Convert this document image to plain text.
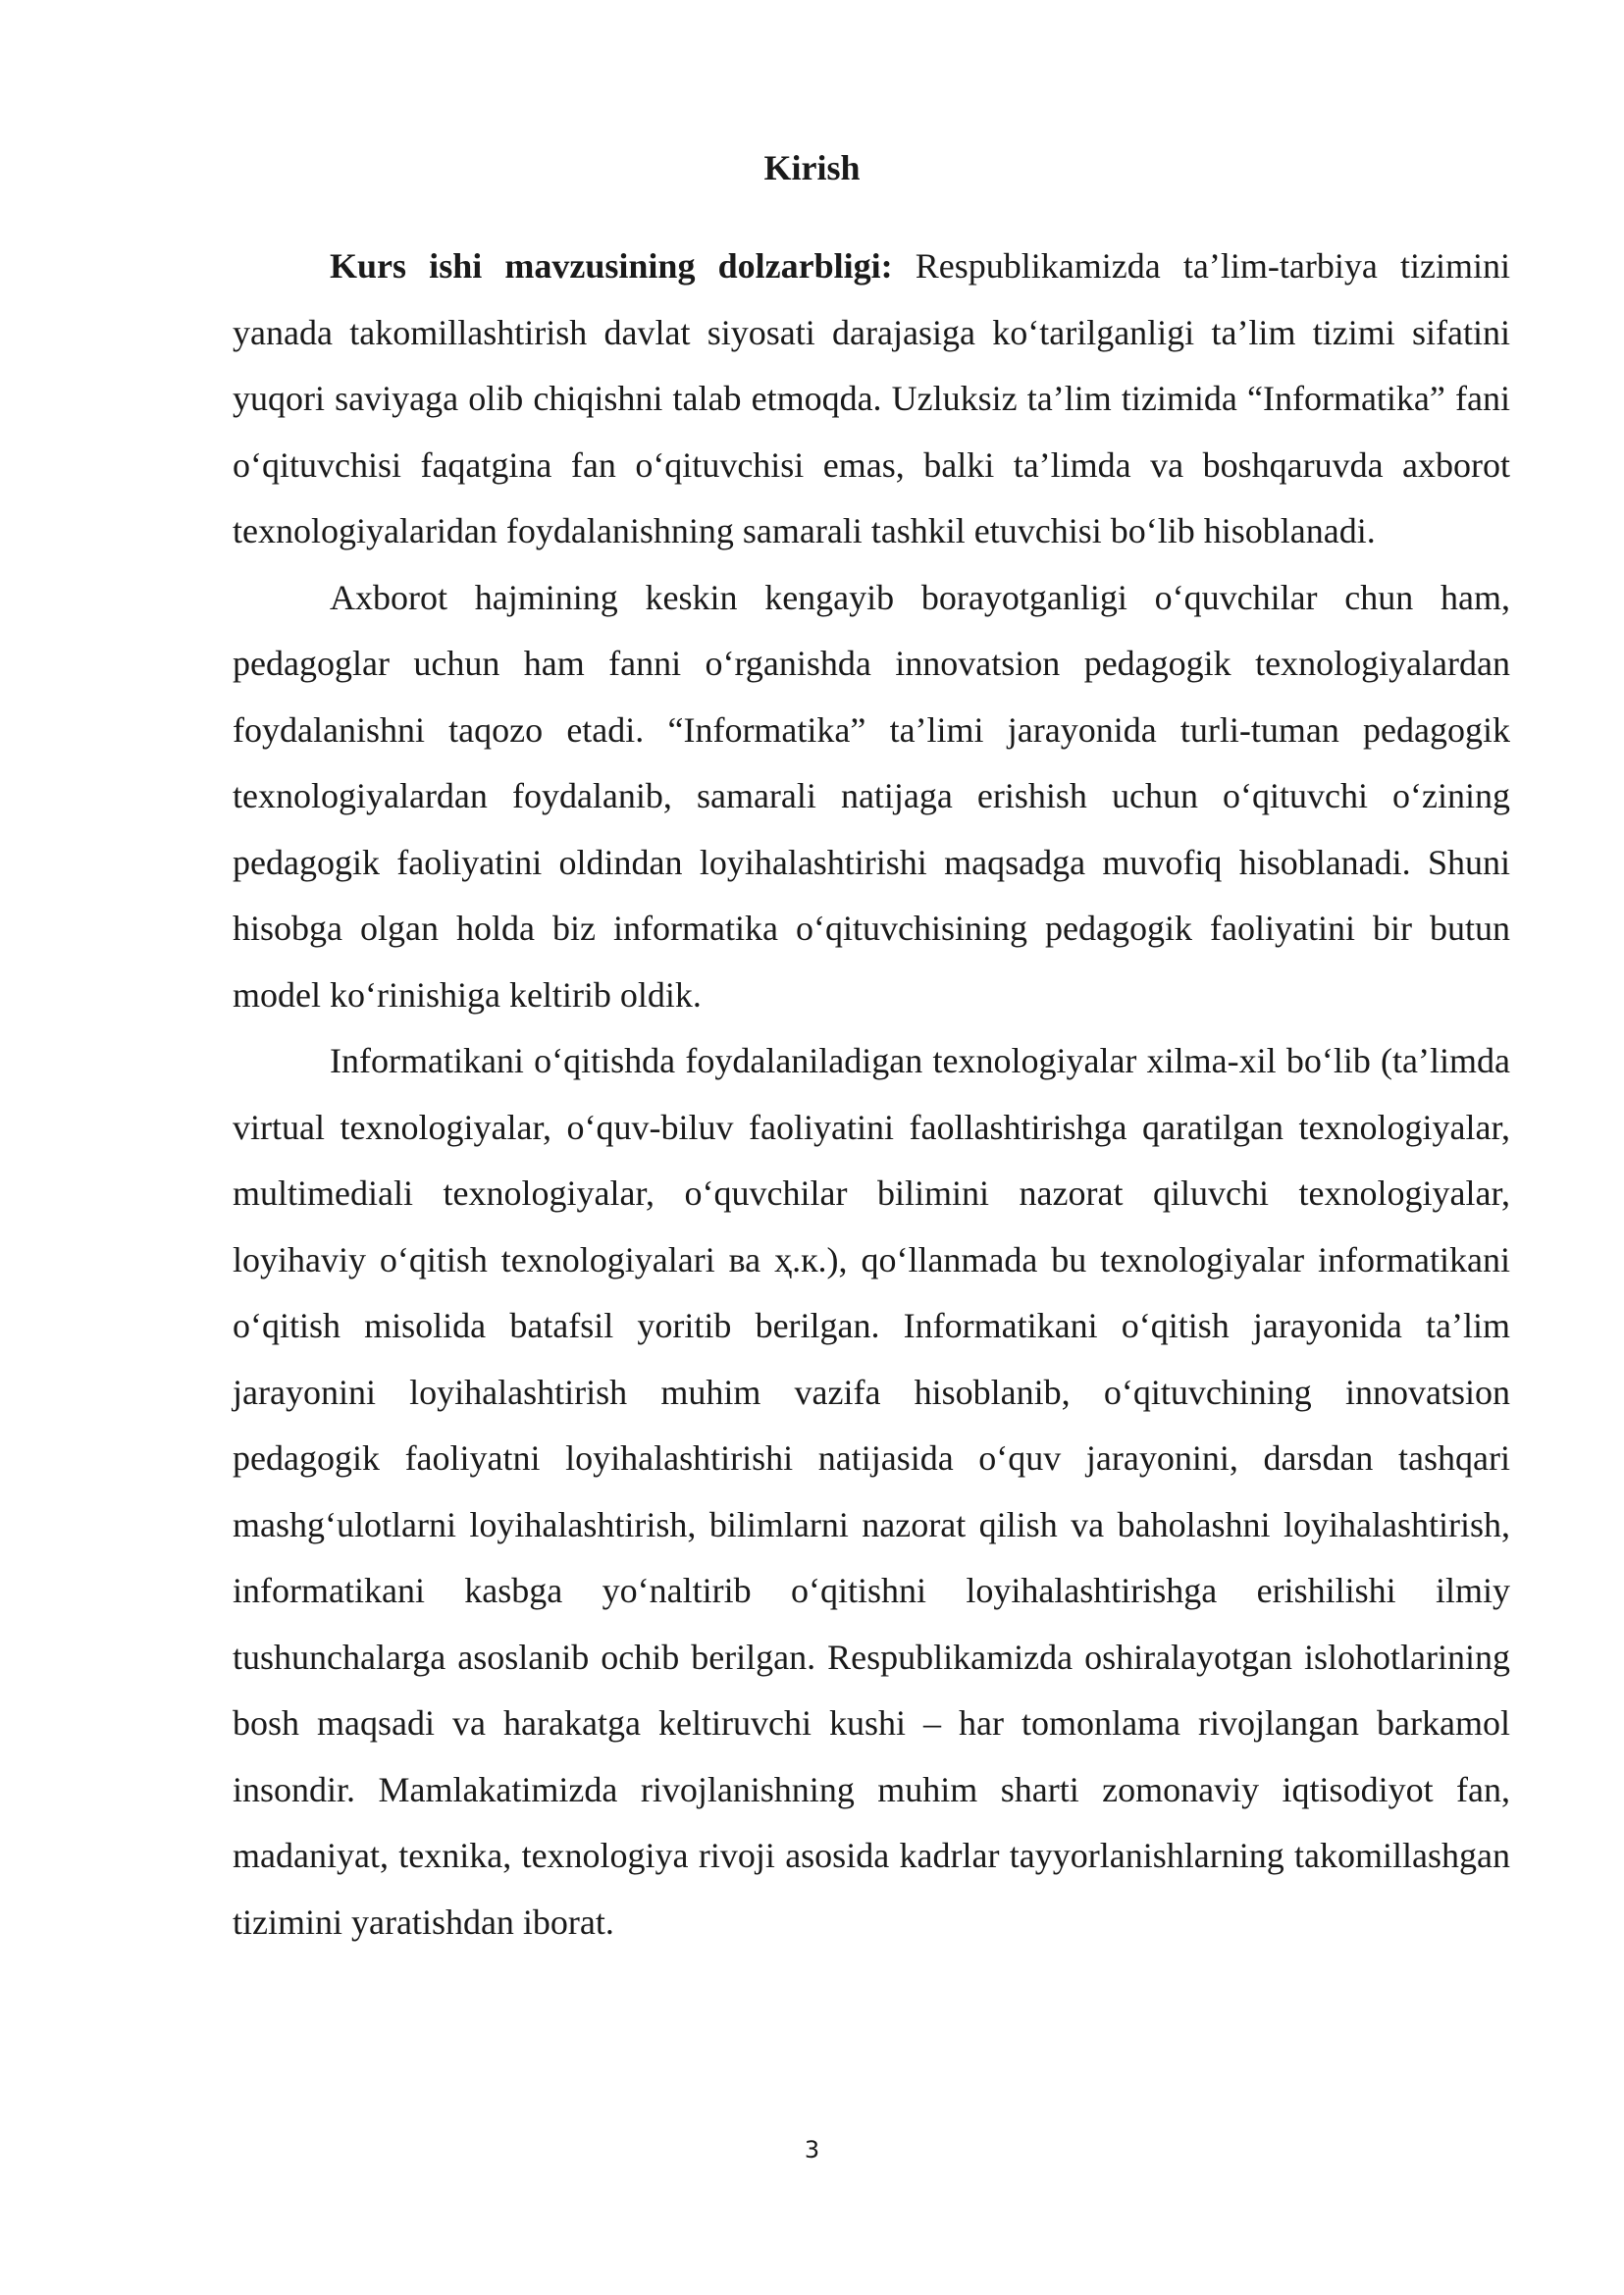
Kirish

Kurs ishi mavzusining dolzarbligi: Respublikamizda ta’lim-tarbiya tizimini yanada takomillashtirish davlat siyosati darajasiga ko‘tarilganligi ta’lim tizimi sifatini yuqori saviyaga olib chiqishni talab etmoqda. Uzluksiz ta’lim tizimida “Informatika” fani o‘qituvchisi faqatgina fan o‘qituvchisi emas, balki ta’limda va boshqaruvda axborot texnologiyalaridan foydalanishning samarali tashkil etuvchisi bo‘lib hisoblanadi.

Axborot hajmining keskin kengayib borayotganligi o‘quvchilar chun ham, pedagoglar uchun ham fanni o‘rganishda innovatsion pedagogik texnologiyalardan foydalanishni taqozo etadi. “Informatika” ta’limi jarayonida turli-tuman pedagogik texnologiyalardan foydalanib, samarali natijaga erishish uchun o‘qituvchi o‘zining pedagogik faoliyatini oldindan loyihalashtirishi maqsadga muvofiq hisoblanadi. Shuni hisobga olgan holda biz informatika o‘qituvchisining pedagogik faoliyatini bir butun model ko‘rinishiga keltirib oldik.

Informatikani o‘qitishda foydalaniladigan texnologiyalar xilma-xil bo‘lib (ta’limda virtual texnologiyalar, o‘quv-biluv faoliyatini faollashtirishga qaratilgan texnologiyalar, multimediali texnologiyalar, o‘quvchilar bilimini nazorat qiluvchi texnologiyalar, loyihaviy o‘qitish texnologiyalari ва ҳ.к.), qo‘llanmada bu texnologiyalar informatikani o‘qitish misolida batafsil yoritib berilgan. Informatikani o‘qitish jarayonida ta’lim jarayonini loyihalashtirish muhim vazifa hisoblanib, o‘qituvchining innovatsion pedagogik faoliyatni loyihalashtirishi natijasida o‘quv jarayonini, darsdan tashqari mashg‘ulotlarni loyihalashtirish, bilimlarni nazorat qilish va baholashni loyihalashtirish, informatikani kasbga yo‘naltirib o‘qitishni loyihalashtirishga erishilishi ilmiy tushunchalarga asoslanib ochib berilgan. Respublikamizda oshiralayotgan islohotlarining bosh maqsadi va harakatga keltiruvchi kushi – har tomonlama rivojlangan barkamol insondir. Mamlakatimizda rivojlanishning muhim sharti zomonaviy iqtisodiyot fan, madaniyat, texnika, texnologiya rivoji asosida kadrlar tayyorlanishlarning takomillashgan tizimini yaratishdan iborat.

3
